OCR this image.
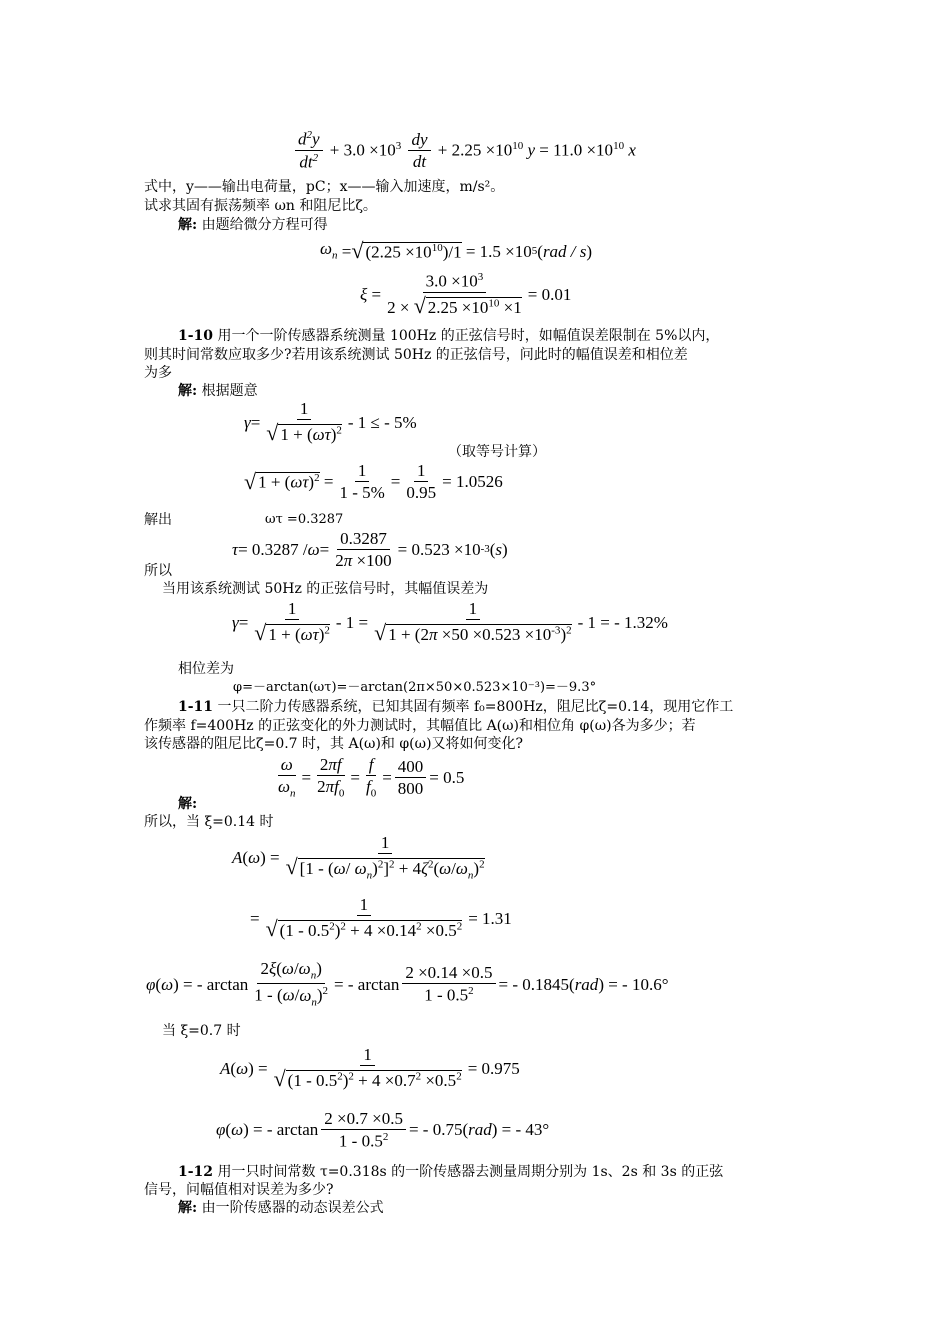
$\frac{d^2y}{dt^2} + 3.0 \times 10^3 \frac{dy}{dt} + 2.25 \times 10^{10}$ $y = 11.0 \times 10^{10}$ x
式中，y——输出电荷量，pC；x——输入加速度，m/s²。
试求其固有振荡频率 ωn 和阻尼比ζ。
解: 由题给微分方程可得
$\omega_n$ = √ $(2.25 \times 10^{10})/1 = 1.5 \times 10$ 5 ( rad / s )
$\xi = \frac{3.0 \times 10^3}{2 \times √ 2.25 \times 10^{10} \times 1} = 0.01$
1-10 用一个一阶传感器系统测量 100Hz 的正弦信号时，如幅值误差限制在 5%以内，
则其时间常数应取多少?若用该系统测试 50Hz 的正弦信号，问此时的幅值误差和相位差
为多
解: 根据题意
$\gamma = \frac{1}{√ 1 + (\omega\tau)^2} - 1$ ≤ - 5%
（取等号计算）
√ $1 + (\omega\tau)^2 = \frac{1}{1 - 5\%} = \frac{1}{0.95} = 1.0526$
解出	ωτ =0.3287
$\tau = 0.3287 / \omega = \frac{0.3287}{2\pi \times 100} = 0.523 \times 10$ -3 ( s )
所以
当用该系统测试 50Hz 的正弦信号时，其幅值误差为
$\gamma = \frac{1}{√ 1 + (\omega\tau)^2} - 1 = \frac{1}{√ 1 + (2\pi \times 50 \times 0.523 \times 10^{-3})^2} - 1$ = - 1.32%
相位差为
φ=－arctan(ωτ)=－arctan(2π×50×0.523×10⁻³)=－9.3°
1-11 一只二阶力传感器系统，已知其固有频率 f₀=800Hz，阻尼比ζ=0.14，现用它作工
作频率 f=400Hz 的正弦变化的外力测试时，其幅值比 A(ω)和相位角 φ(ω)各为多少；若
该传感器的阻尼比ζ=0.7 时，其 A(ω)和 φ(ω)又将如何变化?
$\frac{\omega}{\omega_n} = \frac{2\pi f}{2\pi f_0} = \frac{f}{f_0} = \frac{400}{800} = 0.5$
解:
所以，当 ξ=0.14 时
A ( ω ) = $\frac{1}{√ [1 - (\omega/ \omega_n)^2]^2 + 4\zeta^2(\omega/\omega_n)^2}$
= $\frac{1}{√ (1 - 0.5^2)^2 + 4 \times 0.14^2 \times 0.5^2} = 1.31$
φ ( ω ) = - $\arctan \frac{2\xi(\omega/\omega_n)}{1 - (\omega/\omega_n)^2}$ = - $\arctan \frac{2 \times 0.14 \times 0.5}{1 - 0.5^2}$ = - 0.1845( rad ) = - 10.6°
当 ξ=0.7 时
A ( ω ) = $\frac{1}{√ (1 - 0.5^2)^2 + 4 \times 0.7^2 \times 0.5^2} = 0.975$
φ ( ω ) = - $\arctan \frac{2 \times 0.7 \times 0.5}{1 - 0.5^2}$ = - 0.75( rad ) = - 43°
1-12 用一只时间常数 τ=0.318s 的一阶传感器去测量周期分别为 1s、2s 和 3s 的正弦
信号，问幅值相对误差为多少?
解: 由一阶传感器的动态误差公式
